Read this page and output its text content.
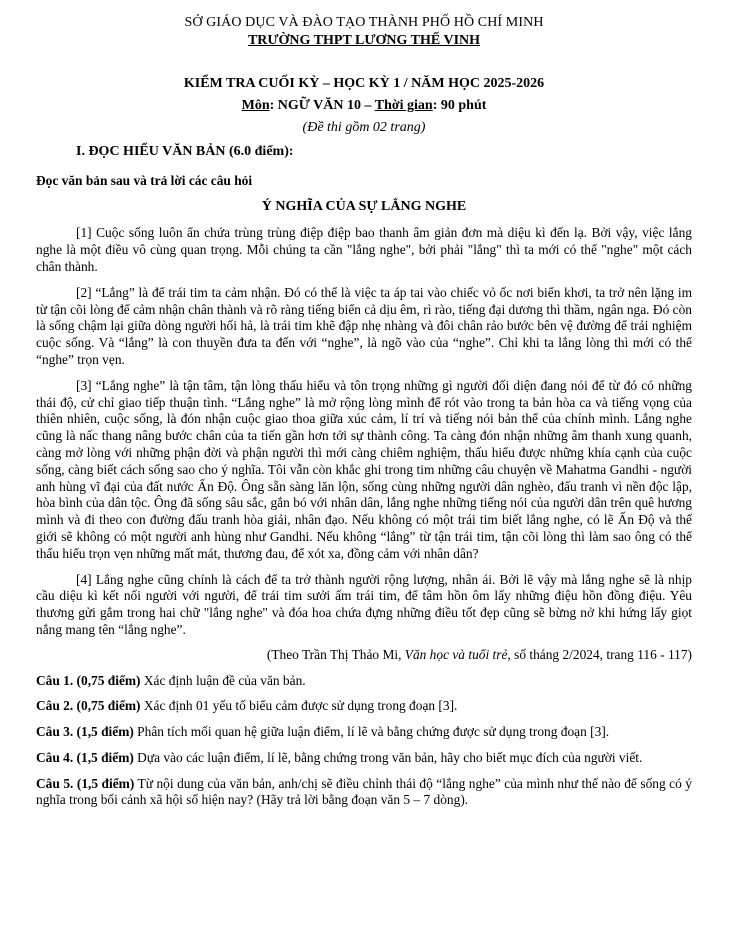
SỞ GIÁO DỤC VÀ ĐÀO TẠO THÀNH PHỐ HỒ CHÍ MINH
TRƯỜNG THPT LƯƠNG THẾ VINH
KIỂM TRA CUỐI KỲ – HỌC KỲ 1 / NĂM HỌC 2025-2026
Môn: NGỮ VĂN 10 – Thời gian: 90 phút
(Đề thi gồm 02 trang)
I. ĐỌC HIỂU VĂN BẢN (6.0 điểm):
Đọc văn bản sau và trả lời các câu hỏi
Ý NGHĨA CỦA SỰ LẮNG NGHE

[1] Cuộc sống luôn ẩn chứa trùng trùng điệp điệp bao thanh âm giản đơn mà diệu kì đến lạ. Bởi vậy, việc lắng nghe là một điều vô cùng quan trọng. Mỗi chúng ta cần "lắng nghe", bởi phải "lắng" thì ta mới có thể "nghe" một cách chân thành.

[2] “Lắng” là để trái tim ta cảm nhận. Đó có thể là việc ta áp tai vào chiếc vỏ ốc nơi biển khơi, ta trở nên lặng im từ tận cõi lòng để cảm nhận chân thành và rõ ràng tiếng biển cả dịu êm, rì rào, tiếng đại dương thì thầm, ngân nga. Đó còn là sống chậm lại giữa dòng người hối hả, là trái tim khẽ đập nhẹ nhàng và đôi chân rảo bước bên vệ đường để trải nghiệm cuộc sống. Và “lắng” là con thuyền đưa ta đến với “nghe”, là ngõ vào của “nghe”. Chỉ khi ta lắng lòng thì mới có thể “nghe” trọn vẹn.

[3] “Lắng nghe” là tận tâm, tận lòng thấu hiểu và tôn trọng những gì người đối diện đang nói để từ đó có những thái độ, cử chỉ giao tiếp thuận tình. “Lắng nghe” là mở rộng lòng mình để rót vào trong ta bản hòa ca và tiếng vọng của thiên nhiên, cuộc sống, là đón nhận cuộc giao thoa giữa xúc cảm, lí trí và tiếng nói bản thể của chính mình. Lắng nghe cũng là nấc thang nâng bước chân của ta tiến gần hơn tới sự thành công. Ta càng đón nhận những âm thanh xung quanh, càng mở lòng với những phận đời và phận người thì mới càng chiêm nghiệm, thấu hiểu được những khía cạnh của cuộc sống, càng biết cách sống sao cho ý nghĩa. Tôi vẫn còn khắc ghi trong tim những câu chuyện về Mahatma Gandhi - người anh hùng vĩ đại của đất nước Ấn Độ. Ông sẵn sàng lăn lộn, sống cùng những người dân nghèo, đấu tranh vì nền độc lập, hòa bình của dân tộc. Ông đã sống sâu sắc, gắn bó với nhân dân, lắng nghe những tiếng nói của người dân trên quê hương mình và đi theo con đường đấu tranh hòa giải, nhân đạo. Nếu không có một trái tim biết lắng nghe, có lẽ Ấn Độ và thế giới sẽ không có một người anh hùng như Gandhi. Nếu không “lắng” từ tận trái tim, tận cõi lòng thì làm sao ông có thể thấu hiểu trọn vẹn những mất mát, thương đau, để xót xa, đồng cảm với nhân dân?

[4] Lắng nghe cũng chính là cách để ta trở thành người rộng lượng, nhân ái. Bởi lẽ vậy mà lắng nghe sẽ là nhịp cầu diệu kì kết nối người với người, để trái tim sưởi ấm trái tim, để tâm hồn ôm lấy những điệu hồn đồng điệu. Yêu thương gửi gắm trong hai chữ "lắng nghe" và đóa hoa chứa đựng những điều tốt đẹp cũng sẽ bừng nở khi hứng lấy giọt nắng mang tên “lắng nghe”.

(Theo Trần Thị Thảo Mi, Văn học và tuổi trẻ, số tháng 2/2024, trang 116 - 117)
Câu 1. (0,75 điểm) Xác định luận đề của văn bản.
Câu 2. (0,75 điểm) Xác định 01 yếu tố biểu cảm được sử dụng trong đoạn [3].
Câu 3. (1,5 điểm) Phân tích mối quan hệ giữa luận điểm, lí lẽ và bằng chứng được sử dụng trong đoạn [3].
Câu 4. (1,5 điểm) Dựa vào các luận điểm, lí lẽ, bằng chứng trong văn bản, hãy cho biết mục đích của người viết.
Câu 5. (1,5 điểm) Từ nội dung của văn bản, anh/chị sẽ điều chỉnh thái độ “lắng nghe” của mình như thế nào để sống có ý nghĩa trong bối cảnh xã hội số hiện nay? (Hãy trả lời bằng đoạn văn 5 – 7 dòng).
